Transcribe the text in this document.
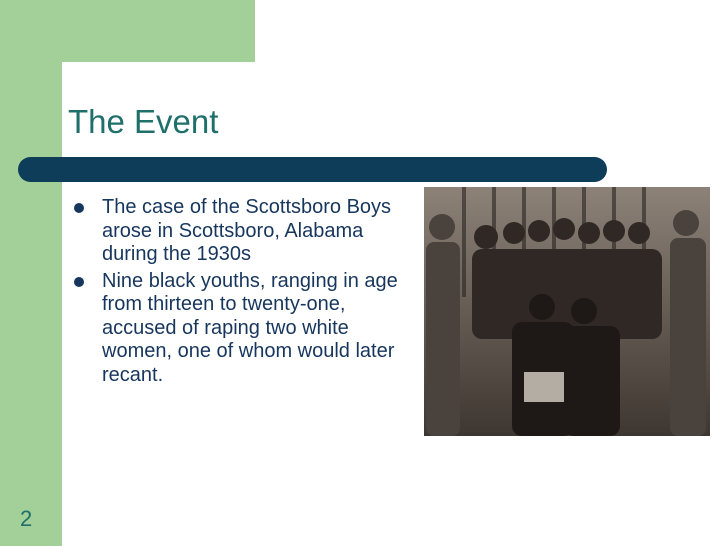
The Event
The case of the Scottsboro Boys arose in Scottsboro, Alabama during the 1930s
Nine black youths, ranging in age from thirteen to twenty-one, accused of raping two white women, one of whom would later recant.
2
